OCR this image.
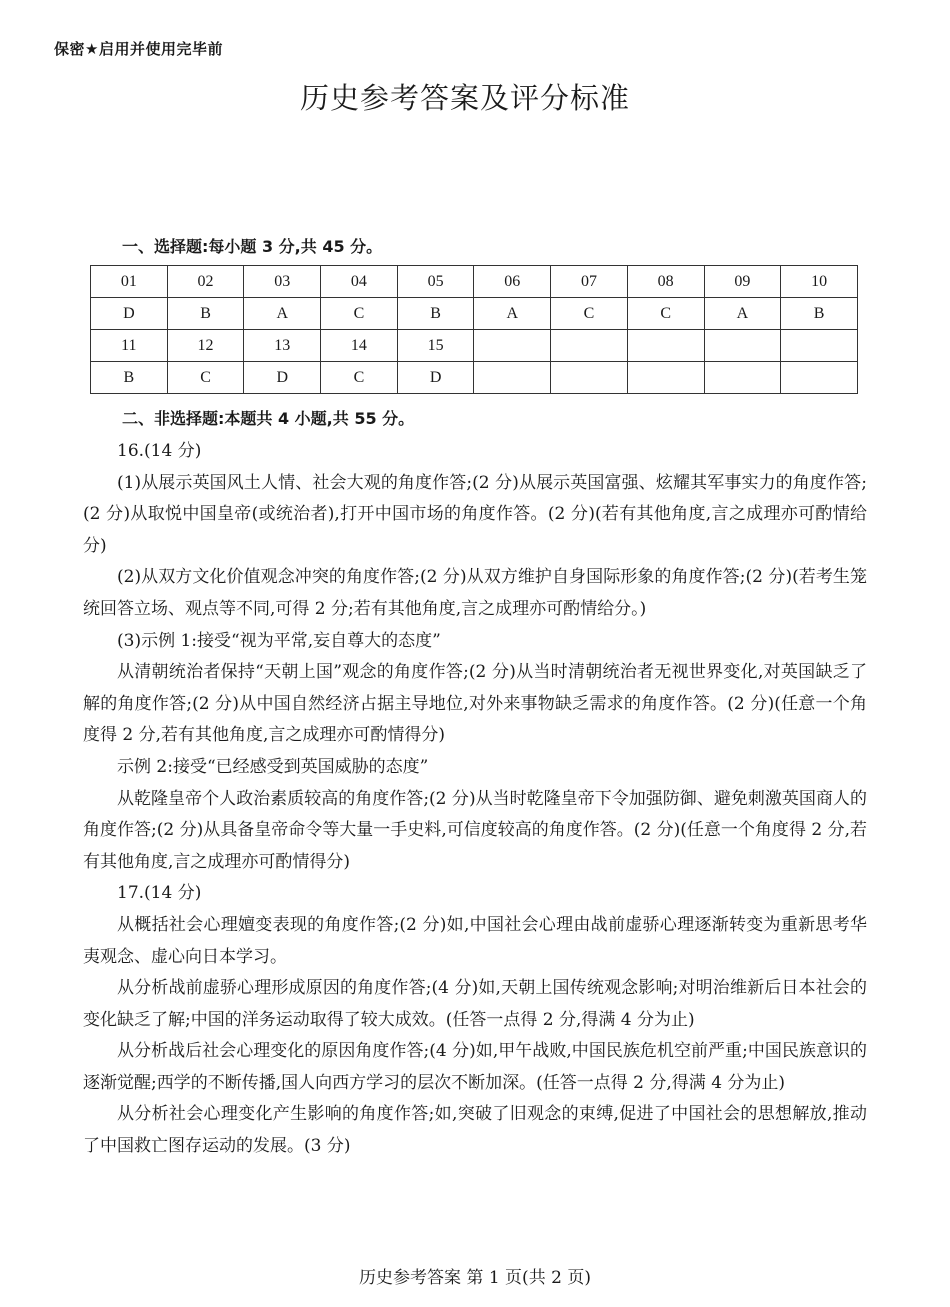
保密★启用并使用完毕前
历史参考答案及评分标准
一、选择题:每小题 3 分,共 45 分。
01	02	03	04	05	06	07	08	09	10
D	B	A	C	B	A	C	C	A	B
11	12	13	14	15					
B	C	D	C	D					
二、非选择题:本题共 4 小题,共 55 分。

16.(14 分)

(1)从展示英国风土人情、社会大观的角度作答;(2 分)从展示英国富强、炫耀其军事实力的角度作答;(2 分)从取悦中国皇帝(或统治者),打开中国市场的角度作答。(2 分)(若有其他角度,言之成理亦可酌情给分)

(2)从双方文化价值观念冲突的角度作答;(2 分)从双方维护自身国际形象的角度作答;(2 分)(若考生笼统回答立场、观点等不同,可得 2 分;若有其他角度,言之成理亦可酌情给分。)

(3)示例 1:接受“视为平常,妄自尊大的态度”

从清朝统治者保持“天朝上国”观念的角度作答;(2 分)从当时清朝统治者无视世界变化,对英国缺乏了解的角度作答;(2 分)从中国自然经济占据主导地位,对外来事物缺乏需求的角度作答。(2 分)(任意一个角度得 2 分,若有其他角度,言之成理亦可酌情得分)

示例 2:接受“已经感受到英国威胁的态度”

从乾隆皇帝个人政治素质较高的角度作答;(2 分)从当时乾隆皇帝下令加强防御、避免刺激英国商人的角度作答;(2 分)从具备皇帝命令等大量一手史料,可信度较高的角度作答。(2 分)(任意一个角度得 2 分,若有其他角度,言之成理亦可酌情得分)

17.(14 分)

从概括社会心理嬗变表现的角度作答;(2 分)如,中国社会心理由战前虚骄心理逐渐转变为重新思考华夷观念、虚心向日本学习。

从分析战前虚骄心理形成原因的角度作答;(4 分)如,天朝上国传统观念影响;对明治维新后日本社会的变化缺乏了解;中国的洋务运动取得了较大成效。(任答一点得 2 分,得满 4 分为止)

从分析战后社会心理变化的原因角度作答;(4 分)如,甲午战败,中国民族危机空前严重;中国民族意识的逐渐觉醒;西学的不断传播,国人向西方学习的层次不断加深。(任答一点得 2 分,得满 4 分为止)

从分析社会心理变化产生影响的角度作答;如,突破了旧观念的束缚,促进了中国社会的思想解放,推动了中国救亡图存运动的发展。(3 分)

历史参考答案 第 1 页(共 2 页)
